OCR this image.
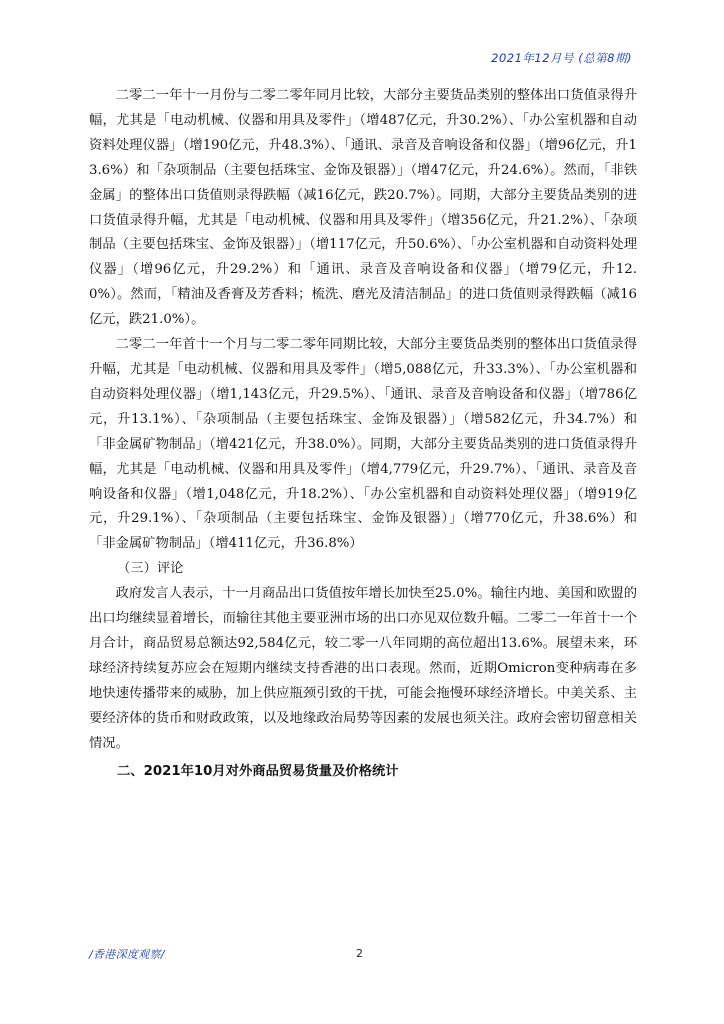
2021年12月号 (总第8期)

二零二一年十一月份与二零二零年同月比较，大部分主要货品类别的整体出口货值录得升幅，尤其是「电动机械、仪器和用具及零件」（增487亿元，升30.2%）、「办公室机器和自动资料处理仪器」（增190亿元，升48.3%）、「通讯、录音及音响设备和仪器」（增96亿元，升13.6%）和「杂项制品（主要包括珠宝、金饰及银器）」（增47亿元，升24.6%）。然而，「非铁金属」的整体出口货值则录得跌幅（减16亿元，跌20.7%）。同期，大部分主要货品类别的进口货值录得升幅，尤其是「电动机械、仪器和用具及零件」（增356亿元，升21.2%）、「杂项制品（主要包括珠宝、金饰及银器）」（增117亿元，升50.6%）、「办公室机器和自动资料处理仪器」（增96亿元，升29.2%）和「通讯、录音及音响设备和仪器」（增79亿元，升12.0%）。然而，「精油及香膏及芳香料；梳洗、磨光及清洁制品」的进口货值则录得跌幅（减16亿元，跌21.0%）。

二零二一年首十一个月与二零二零年同期比较，大部分主要货品类别的整体出口货值录得升幅，尤其是「电动机械、仪器和用具及零件」（增5,088亿元，升33.3%）、「办公室机器和自动资料处理仪器」（增1,143亿元，升29.5%）、「通讯、录音及音响设备和仪器」（增786亿元，升13.1%）、「杂项制品（主要包括珠宝、金饰及银器）」（增582亿元，升34.7%）和「非金属矿物制品」（增421亿元，升38.0%）。同期，大部分主要货品类别的进口货值录得升幅，尤其是「电动机械、仪器和用具及零件」（增4,779亿元，升29.7%）、「通讯、录音及音响设备和仪器」（增1,048亿元，升18.2%）、「办公室机器和自动资料处理仪器」（增919亿元，升29.1%）、「杂项制品（主要包括珠宝、金饰及银器）」（增770亿元，升38.6%）和「非金属矿物制品」（增411亿元，升36.8%）

（三）评论

政府发言人表示，十一月商品出口货值按年增长加快至25.0%。输往内地、美国和欧盟的出口均继续显着增长，而输往其他主要亚洲市场的出口亦见双位数升幅。二零二一年首十一个月合计，商品贸易总额达92,584亿元，较二零一八年同期的高位超出13.6%。展望未来，环球经济持续复苏应会在短期内继续支持香港的出口表现。然而，近期Omicron变种病毒在多地快速传播带来的威胁，加上供应瓶颈引致的干扰，可能会拖慢环球经济增长。中美关系、主要经济体的货币和财政政策，以及地缘政治局势等因素的发展也须关注。政府会密切留意相关情况。

二、2021年10月对外商品贸易货量及价格统计

/香港深度观察/	2
